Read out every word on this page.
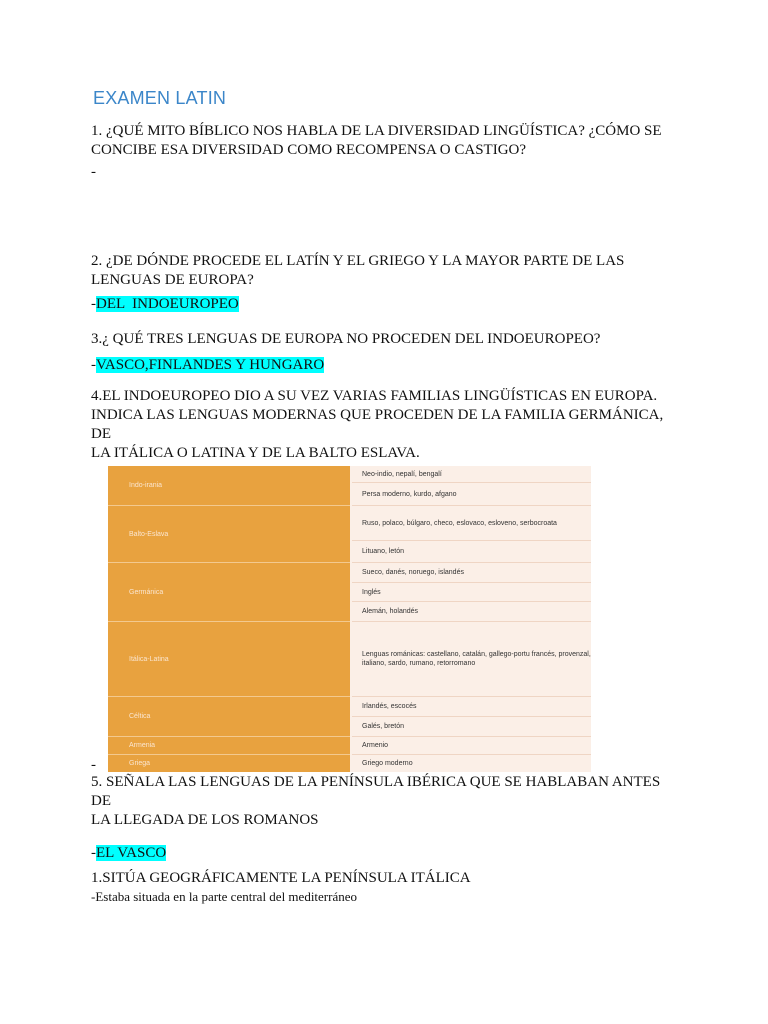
EXAMEN LATIN
1. ¿QUÉ MITO BÍBLICO NOS HABLA DE LA DIVERSIDAD LINGÜÍSTICA? ¿CÓMO SE
CONCIBE ESA DIVERSIDAD COMO RECOMPENSA O CASTIGO?
-
2. ¿DE DÓNDE PROCEDE EL LATÍN Y EL GRIEGO Y LA MAYOR PARTE DE LAS
LENGUAS DE EUROPA?
-DEL  INDOEUROPEO
3.¿ QUÉ TRES LENGUAS DE EUROPA NO PROCEDEN DEL INDOEUROPEO?
-VASCO,FINLANDES Y HUNGARO
4.EL INDOEUROPEO DIO A SU VEZ VARIAS FAMILIAS LINGÜÍSTICAS EN EUROPA.
INDICA LAS LENGUAS MODERNAS QUE PROCEDEN DE LA FAMILIA GERMÁNICA, DE
LA ITÁLICA O LATINA Y DE LA BALTO ESLAVA.
Indo-irania
Balto-Eslava
Germánica
Itálica-Latina
Céltica
Armenia
Griega
Neo-indio, nepalí, bengalí
Persa moderno, kurdo, afgano
Ruso, polaco, búlgaro, checo, eslovaco, esloveno, serbocroata
Lituano, letón
Sueco, danés, noruego, islandés
Inglés
Alemán, holandés
Lenguas románicas: castellano, catalán, gallego-portu francés, provenzal, italiano, sardo, rumano, retorromano
Irlandés, escocés
Galés, bretón
Armenio
Griego moderno
-
5. SEÑALA LAS LENGUAS DE LA PENÍNSULA IBÉRICA QUE SE HABLABAN ANTES DE
LA LLEGADA DE LOS ROMANOS
-EL VASCO
1.SITÚA GEOGRÁFICAMENTE LA PENÍNSULA ITÁLICA
-Estaba situada en la parte central del mediterráneo
